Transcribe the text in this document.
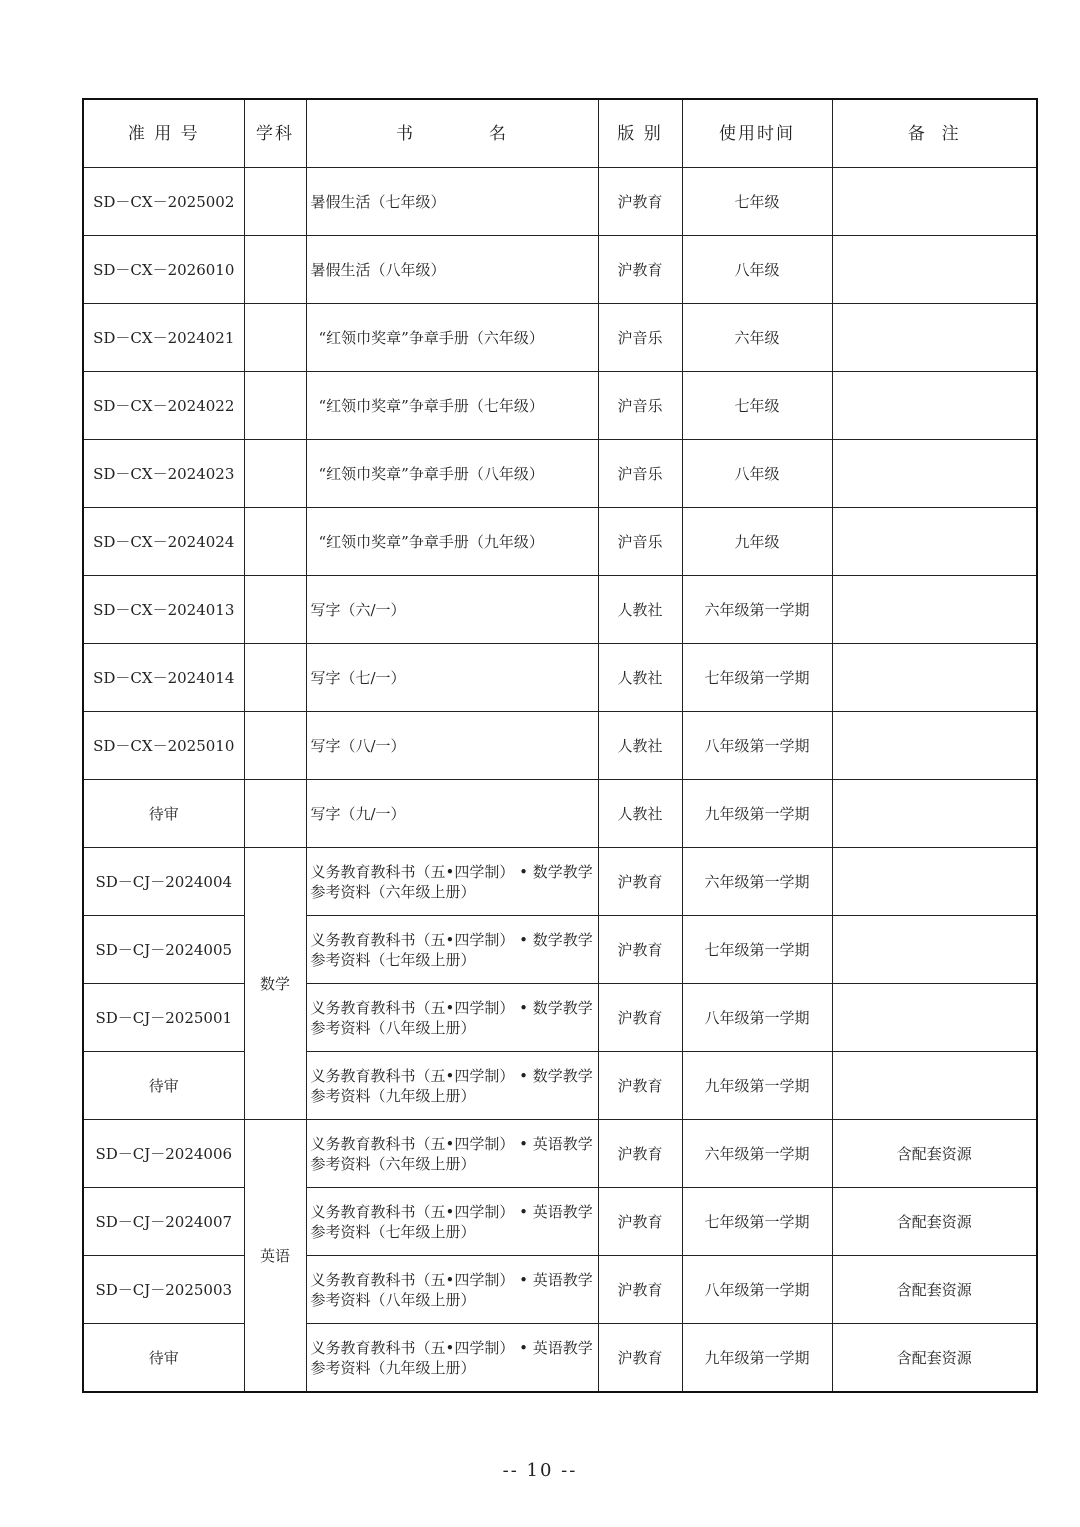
准 用 号	学科	书          名	版 别	使用时间	备  注
SD－CX－2025002		暑假生活（七年级）	沪教育	七年级	
SD－CX－2026010		暑假生活（八年级）	沪教育	八年级	
SD－CX－2024021		“红领巾奖章”争章手册（六年级）	沪音乐	六年级	
SD－CX－2024022		“红领巾奖章”争章手册（七年级）	沪音乐	七年级	
SD－CX－2024023		“红领巾奖章”争章手册（八年级）	沪音乐	八年级	
SD－CX－2024024		“红领巾奖章”争章手册（九年级）	沪音乐	九年级	
SD－CX－2024013		写字（六/一）	人教社	六年级第一学期	
SD－CX－2024014		写字（七/一）	人教社	七年级第一学期	
SD－CX－2025010		写字（八/一）	人教社	八年级第一学期	
待审		写字（九/一）	人教社	九年级第一学期	
SD－CJ－2024004	数学	义务教育教科书（五•四学制） • 数学教学参考资料（六年级上册）	沪教育	六年级第一学期	
SD－CJ－2024005		义务教育教科书（五•四学制） • 数学教学参考资料（七年级上册）	沪教育	七年级第一学期	
SD－CJ－2025001		义务教育教科书（五•四学制） • 数学教学参考资料（八年级上册）	沪教育	八年级第一学期	
待审		义务教育教科书（五•四学制） • 数学教学参考资料（九年级上册）	沪教育	九年级第一学期	
SD－CJ－2024006	英语	义务教育教科书（五•四学制） • 英语教学参考资料（六年级上册）	沪教育	六年级第一学期	含配套资源
SD－CJ－2024007		义务教育教科书（五•四学制） • 英语教学参考资料（七年级上册）	沪教育	七年级第一学期	含配套资源
SD－CJ－2025003		义务教育教科书（五•四学制） • 英语教学参考资料（八年级上册）	沪教育	八年级第一学期	含配套资源
待审		义务教育教科书（五•四学制） • 英语教学参考资料（九年级上册）	沪教育	九年级第一学期	含配套资源
-- 10 --
